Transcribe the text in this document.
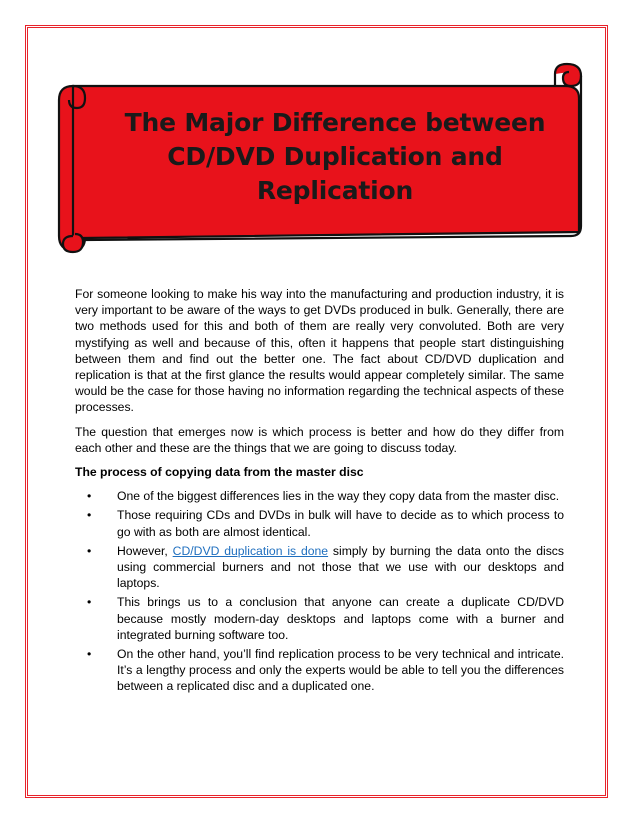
The Major Difference between
CD/DVD Duplication and
Replication

For someone looking to make his way into the manufacturing and production industry, it is very important to be aware of the ways to get DVDs produced in bulk. Generally, there are two methods used for this and both of them are really very convoluted. Both are very mystifying as well and because of this, often it happens that people start distinguishing between them and find out the better one. The fact about CD/DVD duplication and replication is that at the first glance the results would appear completely similar. The same would be the case for those having no information regarding the technical aspects of these processes.

The question that emerges now is which process is better and how do they differ from each other and these are the things that we are going to discuss today.

The process of copying data from the master disc

•	One of the biggest differences lies in the way they copy data from the master disc.
•	Those requiring CDs and DVDs in bulk will have to decide as to which process to go with as both are almost identical.
•	However, CD/DVD duplication is done simply by burning the data onto the discs using commercial burners and not those that we use with our desktops and laptops.
•	This brings us to a conclusion that anyone can create a duplicate CD/DVD because mostly modern-day desktops and laptops come with a burner and integrated burning software too.
•	On the other hand, you’ll find replication process to be very technical and intricate. It’s a lengthy process and only the experts would be able to tell you the differences between a replicated disc and a duplicated one.
